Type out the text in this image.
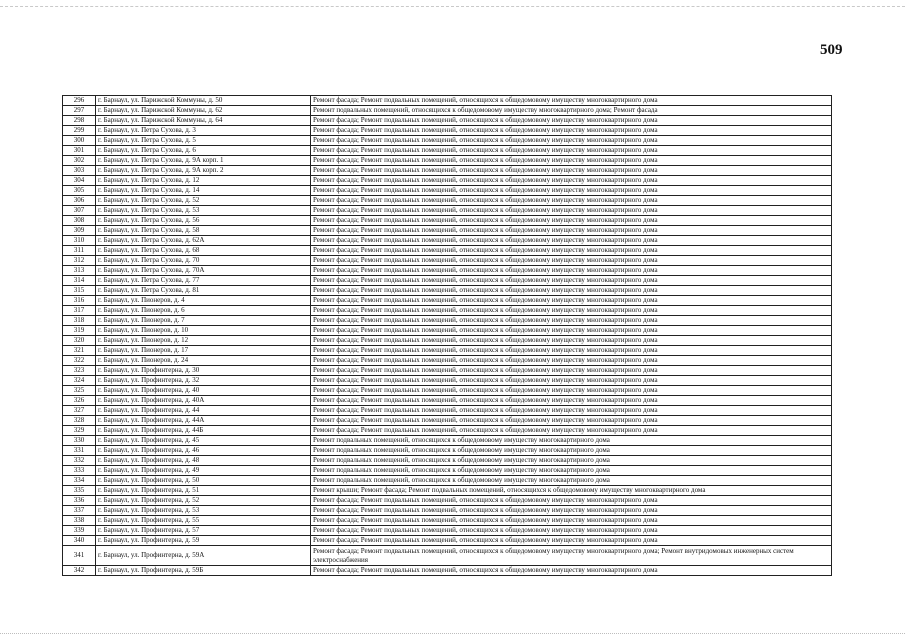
509
296	г. Барнаул, ул. Парижской Коммуны, д. 50	Ремонт фасада; Ремонт подвальных помещений, относящихся к общедомовому имуществу многоквартирного дома
297	г. Барнаул, ул. Парижской Коммуны, д. 62	Ремонт подвальных помещений, относящихся к общедомовому имуществу многоквартирного дома; Ремонт фасада
298	г. Барнаул, ул. Парижской Коммуны, д. 64	Ремонт фасада; Ремонт подвальных помещений, относящихся к общедомовому имуществу многоквартирного дома
299	г. Барнаул, ул. Петра Сухова, д. 3	Ремонт фасада; Ремонт подвальных помещений, относящихся к общедомовому имуществу многоквартирного дома
300	г. Барнаул, ул. Петра Сухова, д. 5	Ремонт фасада; Ремонт подвальных помещений, относящихся к общедомовому имуществу многоквартирного дома
301	г. Барнаул, ул. Петра Сухова, д. 6	Ремонт фасада; Ремонт подвальных помещений, относящихся к общедомовому имуществу многоквартирного дома
302	г. Барнаул, ул. Петра Сухова, д. 9А корп. 1	Ремонт фасада; Ремонт подвальных помещений, относящихся к общедомовому имуществу многоквартирного дома
303	г. Барнаул, ул. Петра Сухова, д. 9А корп. 2	Ремонт фасада; Ремонт подвальных помещений, относящихся к общедомовому имуществу многоквартирного дома
304	г. Барнаул, ул. Петра Сухова, д. 12	Ремонт фасада; Ремонт подвальных помещений, относящихся к общедомовому имуществу многоквартирного дома
305	г. Барнаул, ул. Петра Сухова, д. 14	Ремонт фасада; Ремонт подвальных помещений, относящихся к общедомовому имуществу многоквартирного дома
306	г. Барнаул, ул. Петра Сухова, д. 52	Ремонт фасада; Ремонт подвальных помещений, относящихся к общедомовому имуществу многоквартирного дома
307	г. Барнаул, ул. Петра Сухова, д. 53	Ремонт фасада; Ремонт подвальных помещений, относящихся к общедомовому имуществу многоквартирного дома
308	г. Барнаул, ул. Петра Сухова, д. 56	Ремонт фасада; Ремонт подвальных помещений, относящихся к общедомовому имуществу многоквартирного дома
309	г. Барнаул, ул. Петра Сухова, д. 58	Ремонт фасада; Ремонт подвальных помещений, относящихся к общедомовому имуществу многоквартирного дома
310	г. Барнаул, ул. Петра Сухова, д. 62А	Ремонт фасада; Ремонт подвальных помещений, относящихся к общедомовому имуществу многоквартирного дома
311	г. Барнаул, ул. Петра Сухова, д. 68	Ремонт фасада; Ремонт подвальных помещений, относящихся к общедомовому имуществу многоквартирного дома
312	г. Барнаул, ул. Петра Сухова, д. 70	Ремонт фасада; Ремонт подвальных помещений, относящихся к общедомовому имуществу многоквартирного дома
313	г. Барнаул, ул. Петра Сухова, д. 70А	Ремонт фасада; Ремонт подвальных помещений, относящихся к общедомовому имуществу многоквартирного дома
314	г. Барнаул, ул. Петра Сухова, д. 77	Ремонт фасада; Ремонт подвальных помещений, относящихся к общедомовому имуществу многоквартирного дома
315	г. Барнаул, ул. Петра Сухова, д. 81	Ремонт фасада; Ремонт подвальных помещений, относящихся к общедомовому имуществу многоквартирного дома
316	г. Барнаул, ул. Пионеров, д. 4	Ремонт фасада; Ремонт подвальных помещений, относящихся к общедомовому имуществу многоквартирного дома
317	г. Барнаул, ул. Пионеров, д. 6	Ремонт фасада; Ремонт подвальных помещений, относящихся к общедомовому имуществу многоквартирного дома
318	г. Барнаул, ул. Пионеров, д. 7	Ремонт фасада; Ремонт подвальных помещений, относящихся к общедомовому имуществу многоквартирного дома
319	г. Барнаул, ул. Пионеров, д. 10	Ремонт фасада; Ремонт подвальных помещений, относящихся к общедомовому имуществу многоквартирного дома
320	г. Барнаул, ул. Пионеров, д. 12	Ремонт фасада; Ремонт подвальных помещений, относящихся к общедомовому имуществу многоквартирного дома
321	г. Барнаул, ул. Пионеров, д. 17	Ремонт фасада; Ремонт подвальных помещений, относящихся к общедомовому имуществу многоквартирного дома
322	г. Барнаул, ул. Пионеров, д. 24	Ремонт фасада; Ремонт подвальных помещений, относящихся к общедомовому имуществу многоквартирного дома
323	г. Барнаул, ул. Профинтерна, д. 30	Ремонт фасада; Ремонт подвальных помещений, относящихся к общедомовому имуществу многоквартирного дома
324	г. Барнаул, ул. Профинтерна, д. 32	Ремонт фасада; Ремонт подвальных помещений, относящихся к общедомовому имуществу многоквартирного дома
325	г. Барнаул, ул. Профинтерна, д. 40	Ремонт фасада; Ремонт подвальных помещений, относящихся к общедомовому имуществу многоквартирного дома
326	г. Барнаул, ул. Профинтерна, д. 40А	Ремонт фасада; Ремонт подвальных помещений, относящихся к общедомовому имуществу многоквартирного дома
327	г. Барнаул, ул. Профинтерна, д. 44	Ремонт фасада; Ремонт подвальных помещений, относящихся к общедомовому имуществу многоквартирного дома
328	г. Барнаул, ул. Профинтерна, д. 44А	Ремонт фасада; Ремонт подвальных помещений, относящихся к общедомовому имуществу многоквартирного дома
329	г. Барнаул, ул. Профинтерна, д. 44Б	Ремонт фасада; Ремонт подвальных помещений, относящихся к общедомовому имуществу многоквартирного дома
330	г. Барнаул, ул. Профинтерна, д. 45	Ремонт подвальных помещений, относящихся к общедомовому имуществу многоквартирного дома
331	г. Барнаул, ул. Профинтерна, д. 46	Ремонт подвальных помещений, относящихся к общедомовому имуществу многоквартирного дома
332	г. Барнаул, ул. Профинтерна, д. 48	Ремонт подвальных помещений, относящихся к общедомовому имуществу многоквартирного дома
333	г. Барнаул, ул. Профинтерна, д. 49	Ремонт подвальных помещений, относящихся к общедомовому имуществу многоквартирного дома
334	г. Барнаул, ул. Профинтерна, д. 50	Ремонт подвальных помещений, относящихся к общедомовому имуществу многоквартирного дома
335	г. Барнаул, ул. Профинтерна, д. 51	Ремонт крыши; Ремонт фасада; Ремонт подвальных помещений, относящихся к общедомовому имуществу многоквартирного дома
336	г. Барнаул, ул. Профинтерна, д. 52	Ремонт фасада; Ремонт подвальных помещений, относящихся к общедомовому имуществу многоквартирного дома
337	г. Барнаул, ул. Профинтерна, д. 53	Ремонт фасада; Ремонт подвальных помещений, относящихся к общедомовому имуществу многоквартирного дома
338	г. Барнаул, ул. Профинтерна, д. 55	Ремонт фасада; Ремонт подвальных помещений, относящихся к общедомовому имуществу многоквартирного дома
339	г. Барнаул, ул. Профинтерна, д. 57	Ремонт фасада; Ремонт подвальных помещений, относящихся к общедомовому имуществу многоквартирного дома
340	г. Барнаул, ул. Профинтерна, д. 59	Ремонт фасада; Ремонт подвальных помещений, относящихся к общедомовому имуществу многоквартирного дома
341	г. Барнаул, ул. Профинтерна, д. 59А	Ремонт фасада; Ремонт подвальных помещений, относящихся к общедомовому имуществу многоквартирного дома; Ремонт внутридомовых инженерных систем электроснабжения
342	г. Барнаул, ул. Профинтерна, д. 59Б	Ремонт фасада; Ремонт подвальных помещений, относящихся к общедомовому имуществу многоквартирного дома
